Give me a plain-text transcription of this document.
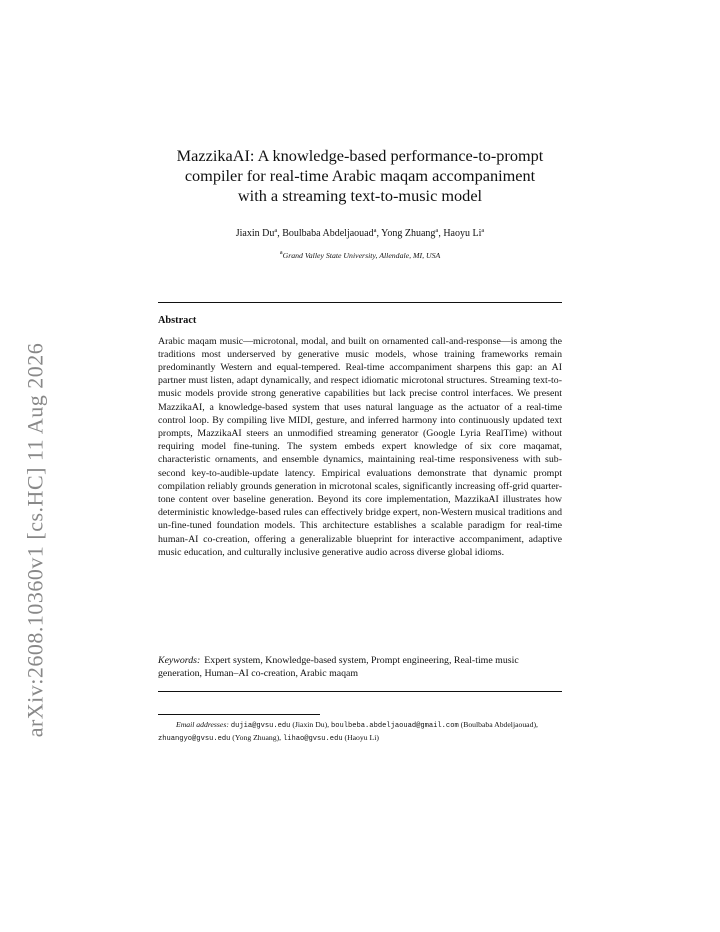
arXiv:2608.10360v1 [cs.HC] 11 Aug 2026
MazzikaAI: A knowledge-based performance-to-prompt
compiler for real-time Arabic maqam accompaniment
with a streaming text-to-music model
Jiaxin Du$^a$, Boulbaba Abdeljaouad$^a$, Yong Zhuang$^a$, Haoyu Li$^a$
$^a$Grand Valley State University, Allendale, MI, USA
Abstract

Arabic maqam music—microtonal, modal, and built on ornamented call-and-response—is among the traditions most underserved by generative music models, whose training frameworks remain predominantly Western and equal-tempered. Real-time accompaniment sharpens this gap: an AI partner must listen, adapt dynamically, and respect idiomatic microtonal structures. Streaming text-to-music models provide strong generative capabilities but lack precise control interfaces. We present MazzikaAI, a knowledge-based system that uses natural language as the actuator of a real-time control loop. By compiling live MIDI, gesture, and inferred harmony into continuously updated text prompts, MazzikaAI steers an unmodified streaming generator (Google Lyria RealTime) without requiring model fine-tuning. The system embeds expert knowledge of six core maqamat, characteristic ornaments, and ensemble dynamics, maintaining real-time responsiveness with sub-second key-to-audible-update latency. Empirical evaluations demonstrate that dynamic prompt compilation reliably grounds generation in microtonal scales, significantly increasing off-grid quarter-tone content over baseline generation. Beyond its core implementation, MazzikaAI illustrates how deterministic knowledge-based rules can effectively bridge expert, non-Western musical traditions and un-fine-tuned foundation models. This architecture establishes a scalable paradigm for real-time human-AI co-creation, offering a generalizable blueprint for interactive accompaniment, adaptive music education, and culturally inclusive generative audio across diverse global idioms.

Keywords: Expert system, Knowledge-based system, Prompt engineering, Real-time music generation, Human–AI co-creation, Arabic maqam

Email addresses: dujia@gvsu.edu (Jiaxin Du), boulbeba.abdeljaouad@gmail.com (Boulbaba Abdeljaouad), zhuangyo@gvsu.edu (Yong Zhuang), lihao@gvsu.edu (Haoyu Li)
